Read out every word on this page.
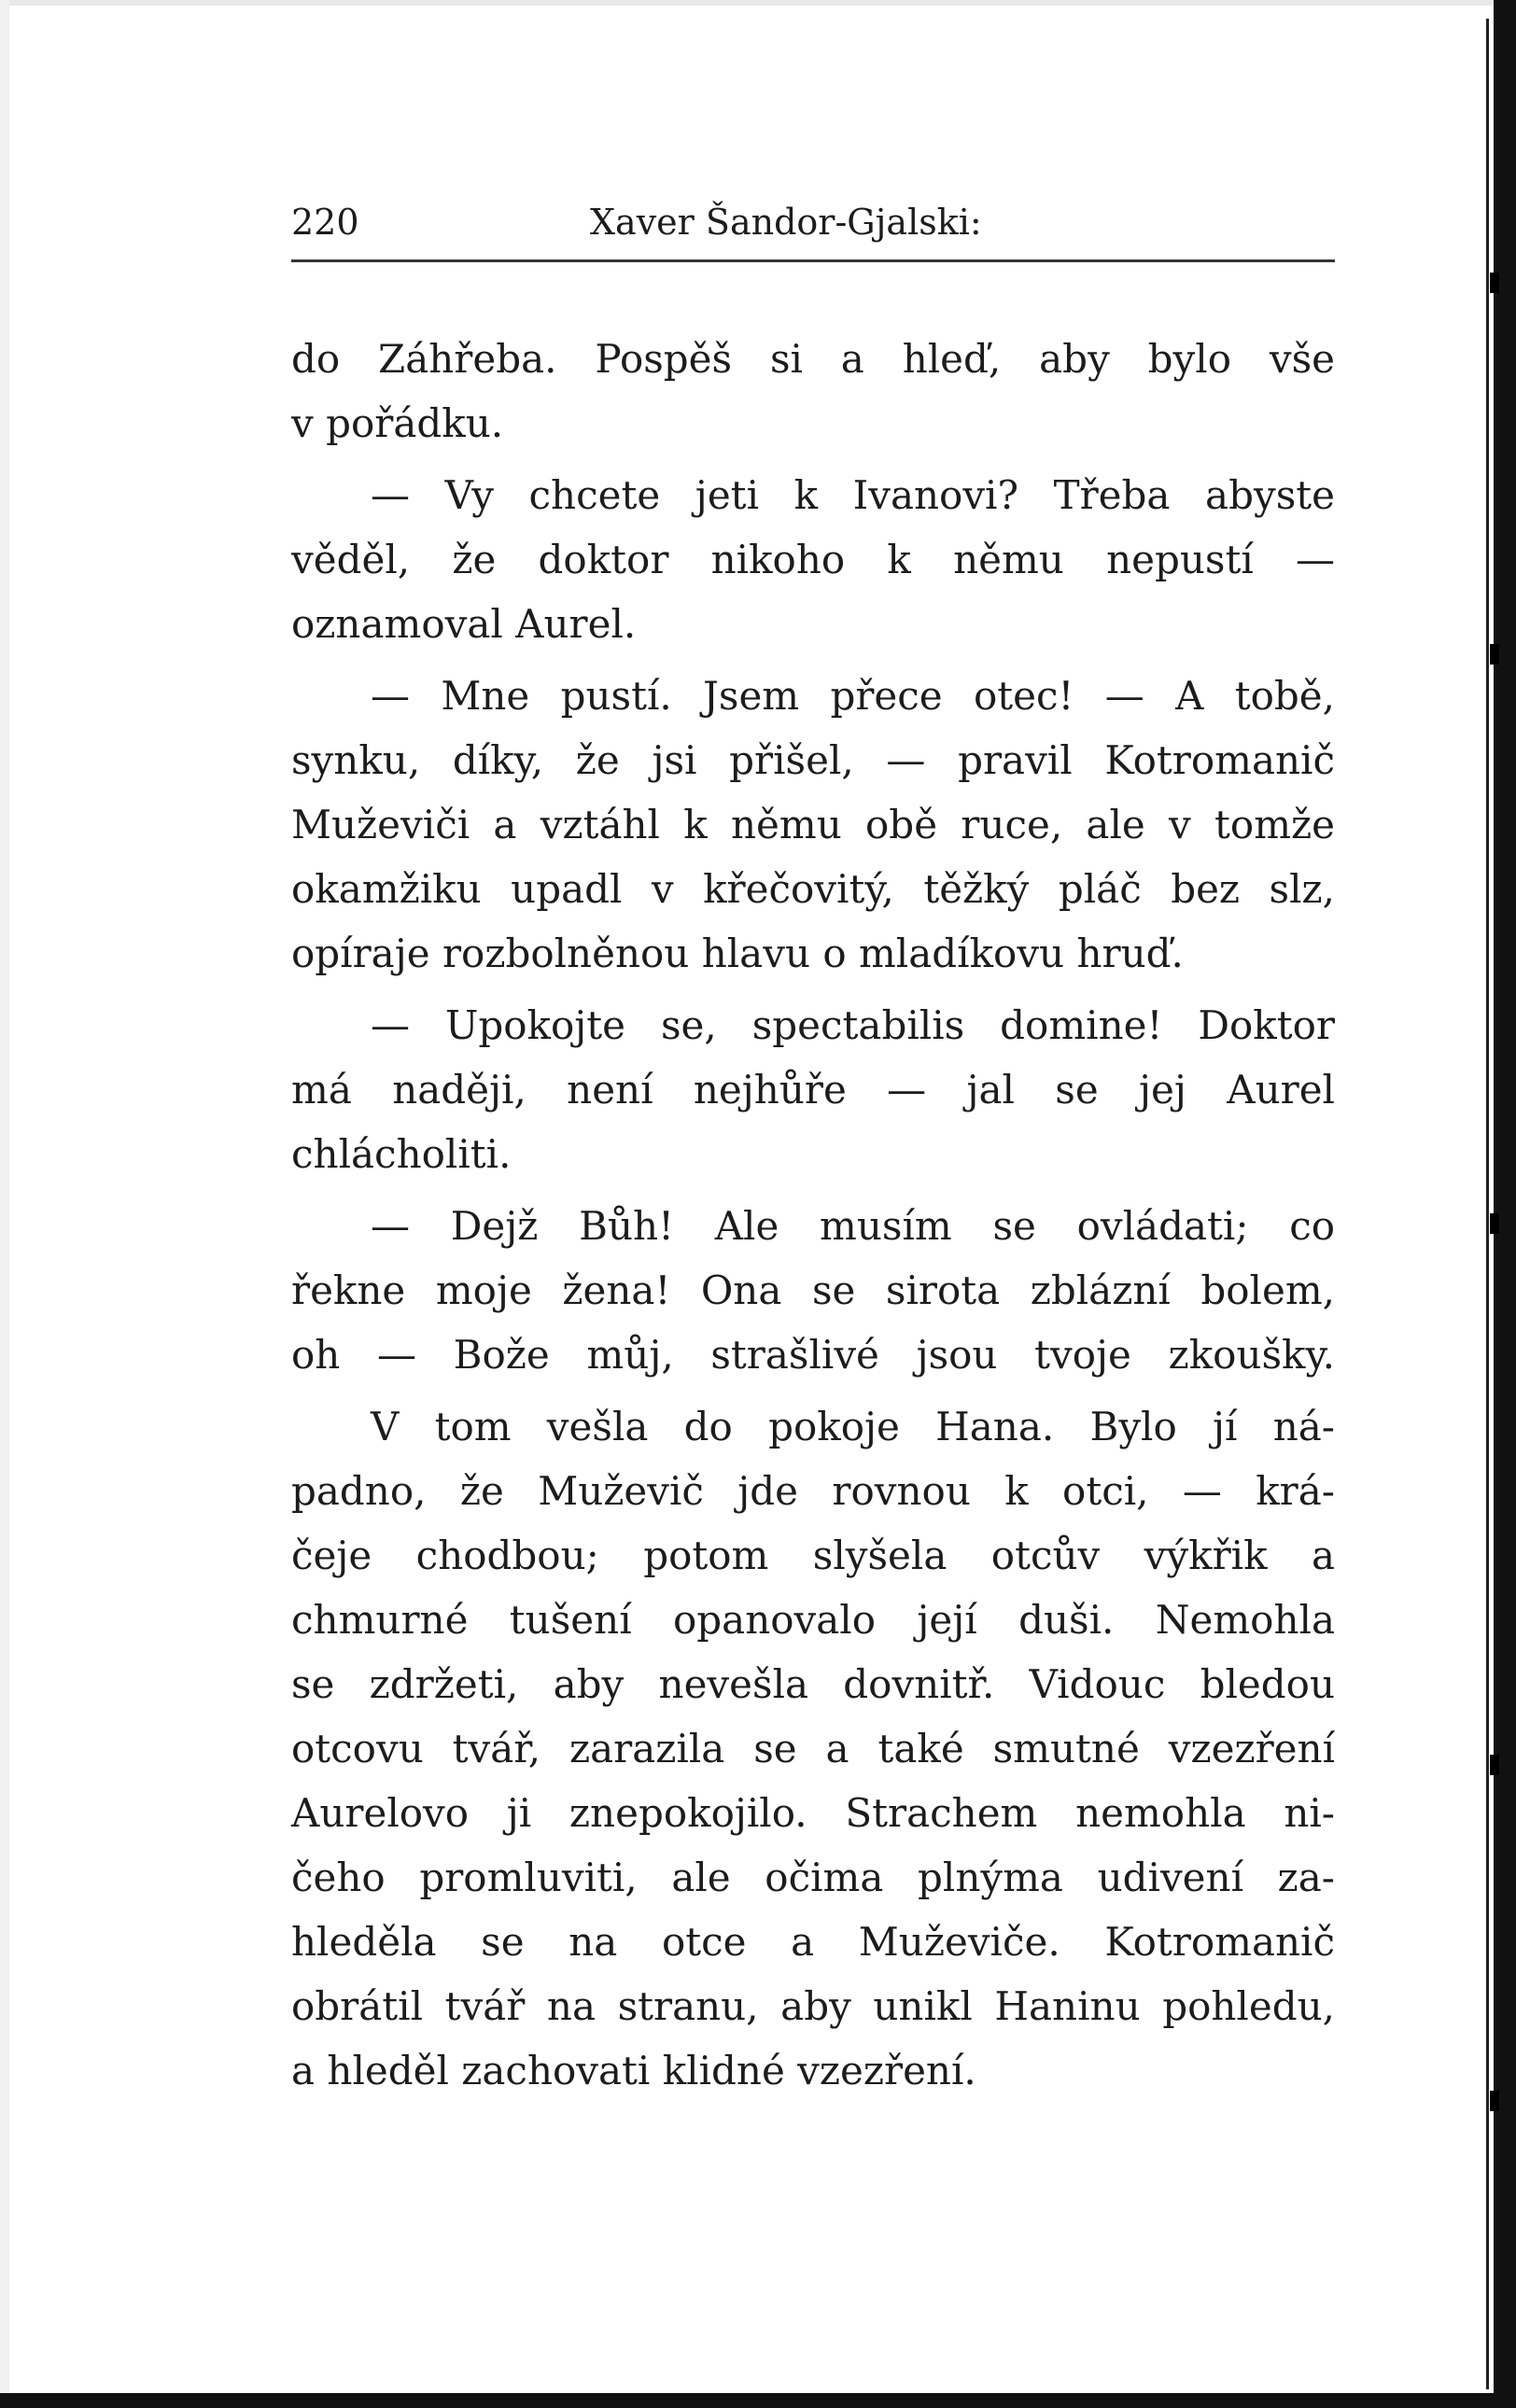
220	Xaver Šandor-Gjalski:
do Záhřeba. Pospěš si a hleď, aby bylo vše
v pořádku.
— Vy chcete jeti k Ivanovi? Třeba abyste
věděl, že doktor nikoho k němu nepustí —
oznamoval Aurel.
— Mne pustí. Jsem přece otec! — A tobě,
synku, díky, že jsi přišel, — pravil Kotromanič
Muževiči a vztáhl k němu obě ruce, ale v tomže
okamžiku upadl v křečovitý, těžký pláč bez slz,
opíraje rozbolněnou hlavu o mladíkovu hruď.
— Upokojte se, spectabilis domine! Doktor
má naději, není nejhůře — jal se jej Aurel
chlácholiti.
— Dejž Bůh! Ale musím se ovládati; co
řekne moje žena! Ona se sirota zblázní bolem,
oh — Bože můj, strašlivé jsou tvoje zkoušky.
V tom vešla do pokoje Hana. Bylo jí ná-
padno, že Muževič jde rovnou k otci, — krá-
čeje chodbou; potom slyšela otcův výkřik a
chmurné tušení opanovalo její duši. Nemohla
se zdržeti, aby nevešla dovnitř. Vidouc bledou
otcovu tvář, zarazila se a také smutné vzezření
Aurelovo ji znepokojilo. Strachem nemohla ni-
čeho promluviti, ale očima plnýma udivení za-
hleděla se na otce a Muževiče. Kotromanič
obrátil tvář na stranu, aby unikl Haninu pohledu,
a hleděl zachovati klidné vzezření.
